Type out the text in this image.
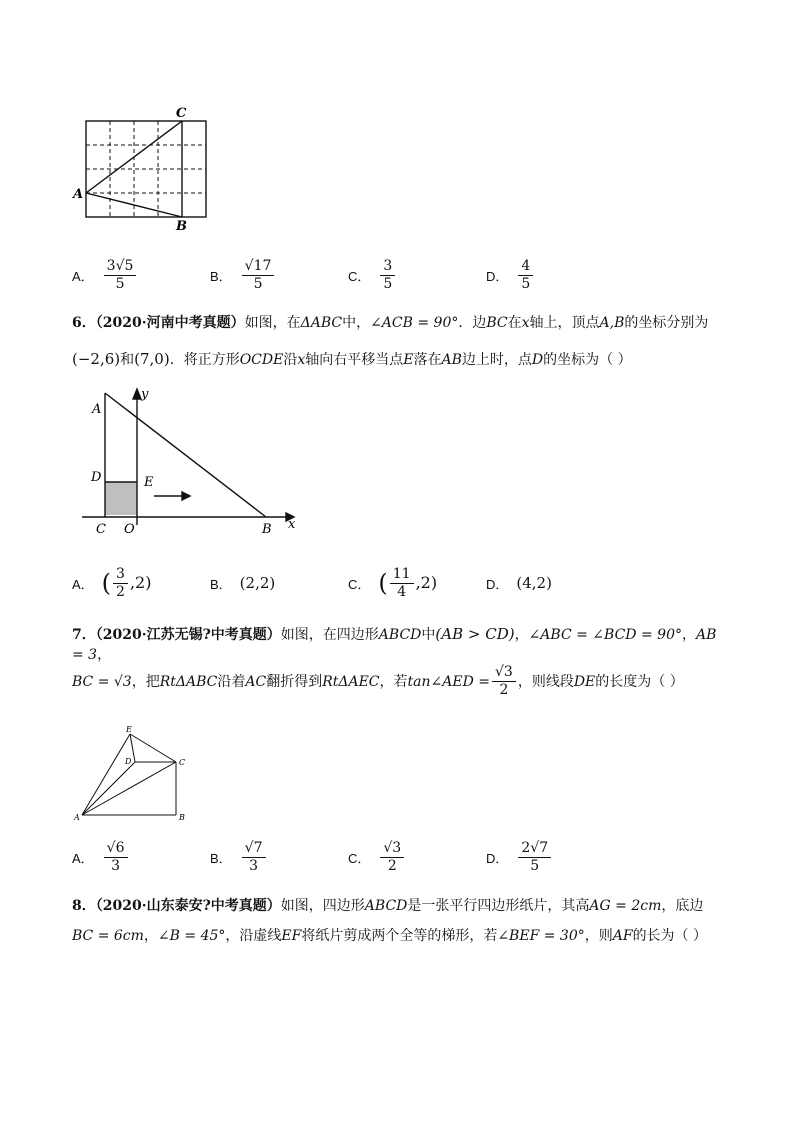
C
A
B
A． $\frac{3√5}{5}$	B． $\frac{√17}{5}$	C． $\frac{3}{5}$	D． $\frac{4}{5}$
6．（2020·河南中考真题）如图，在ΔABC中，∠ACB = 90°．边BC在x轴上，顶点A,B的坐标分别为
(−2,6)和(7,0)．将正方形OCDE沿x轴向右平移当点E落在AB边上时，点D的坐标为（ ）
y
A
D	E
C O	B x
A． ( $\frac{3}{2} ,2$)	B． (2,2)	C． ( $\frac{11}{4} ,2$)	D． (4,2)
7．（2020·江苏无锡?中考真题）如图，在四边形ABCD中(AB > CD)，∠ABC = ∠BCD = 90°，AB = 3，
BC = √3 ，把 RtΔABC 沿着 AC 翻折得到 RtΔAEC ，若 tan∠AED = $\frac{√3}{2}$ ，则线段 DE 的长度为（ ）
E
D	C
A	B
A． $\frac{√6}{3}$	B． $\frac{√7}{3}$	C． $\frac{√3}{2}$	D． $\frac{2√7}{5}$
8．（2020·山东泰安?中考真题）如图，四边形ABCD是一张平行四边形纸片，其高AG = 2cm，底边
BC = 6cm，∠B = 45°，沿虚线EF将纸片剪成两个全等的梯形，若∠BEF = 30°，则AF的长为（ ）
